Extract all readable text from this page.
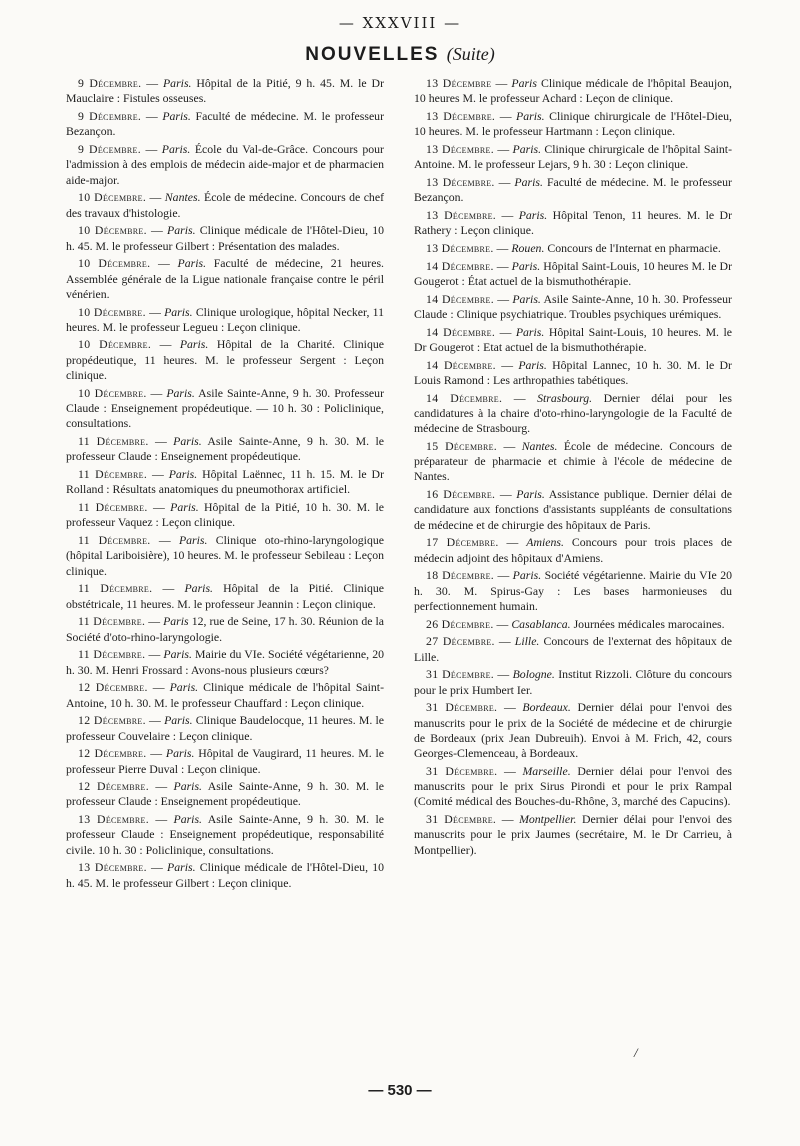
— XXXVIII —
NOUVELLES (Suite)

9 Décembre. — Paris. Hôpital de la Pitié, 9 h. 45. M. le Dr Mauclaire : Fistules osseuses.

9 Décembre. — Paris. Faculté de médecine. M. le professeur Bezançon.

9 Décembre. — Paris. École du Val-de-Grâce. Concours pour l'admission à des emplois de médecin aide-major et de pharmacien aide-major.

10 Décembre. — Nantes. École de médecine. Concours de chef des travaux d'histologie.

10 Décembre. — Paris. Clinique médicale de l'Hôtel-Dieu, 10 h. 45. M. le professeur Gilbert : Présentation des malades.

10 Décembre. — Paris. Faculté de médecine, 21 heures. Assemblée générale de la Ligue nationale française contre le péril vénérien.

10 Décembre. — Paris. Clinique urologique, hôpital Necker, 11 heures. M. le professeur Legueu : Leçon clinique.

10 Décembre. — Paris. Hôpital de la Charité. Clinique propédeutique, 11 heures. M. le professeur Sergent : Leçon clinique.

10 Décembre. — Paris. Asile Sainte-Anne, 9 h. 30. Professeur Claude : Enseignement propédeutique. — 10 h. 30 : Policlinique, consultations.

11 Décembre. — Paris. Asile Sainte-Anne, 9 h. 30. M. le professeur Claude : Enseignement propédeutique.

11 Décembre. — Paris. Hôpital Laënnec, 11 h. 15. M. le Dr Rolland : Résultats anatomiques du pneumothorax artificiel.

11 Décembre. — Paris. Hôpital de la Pitié, 10 h. 30. M. le professeur Vaquez : Leçon clinique.

11 Décembre. — Paris. Clinique oto-rhino-laryngologique (hôpital Lariboisière), 10 heures. M. le professeur Sebileau : Leçon clinique.

11 Décembre. — Paris. Hôpital de la Pitié. Clinique obstétricale, 11 heures. M. le professeur Jeannin : Leçon clinique.

11 Décembre. — Paris 12, rue de Seine, 17 h. 30. Réunion de la Société d'oto-rhino-laryngologie.

11 Décembre. — Paris. Mairie du VIe. Société végétarienne, 20 h. 30. M. Henri Frossard : Avons-nous plusieurs cœurs?

12 Décembre. — Paris. Clinique médicale de l'hôpital Saint-Antoine, 10 h. 30. M. le professeur Chauffard : Leçon clinique.

12 Décembre. — Paris. Clinique Baudelocque, 11 heures. M. le professeur Couvelaire : Leçon clinique.

12 Décembre. — Paris. Hôpital de Vaugirard, 11 heures. M. le professeur Pierre Duval : Leçon clinique.

12 Décembre. — Paris. Asile Sainte-Anne, 9 h. 30. M. le professeur Claude : Enseignement propédeutique.

13 Décembre. — Paris. Asile Sainte-Anne, 9 h. 30. M. le professeur Claude : Enseignement propédeutique, responsabilité civile. 10 h. 30 : Policlinique, consultations.

13 Décembre. — Paris. Clinique médicale de l'Hôtel-Dieu, 10 h. 45. M. le professeur Gilbert : Leçon clinique.

13 Décembre — Paris Clinique médicale de l'hôpital Beaujon, 10 heures M. le professeur Achard : Leçon de clinique.

13 Décembre. — Paris. Clinique chirurgicale de l'Hôtel-Dieu, 10 heures. M. le professeur Hartmann : Leçon clinique.

13 Décembre. — Paris. Clinique chirurgicale de l'hôpital Saint-Antoine. M. le professeur Lejars, 9 h. 30 : Leçon clinique.

13 Décembre. — Paris. Faculté de médecine. M. le professeur Bezançon.

13 Décembre. — Paris. Hôpital Tenon, 11 heures. M. le Dr Rathery : Leçon clinique.

13 Décembre. — Rouen. Concours de l'Internat en pharmacie.

14 Décembre. — Paris. Hôpital Saint-Louis, 10 heures M. le Dr Gougerot : État actuel de la bismuthothérapie.

14 Décembre. — Paris. Asile Sainte-Anne, 10 h. 30. Professeur Claude : Clinique psychiatrique. Troubles psychiques urémiques.

14 Décembre. — Paris. Hôpital Saint-Louis, 10 heures. M. le Dr Gougerot : Etat actuel de la bismuthothérapie.

14 Décembre. — Paris. Hôpital Lannec, 10 h. 30. M. le Dr Louis Ramond : Les arthropathies tabétiques.

14 Décembre. — Strasbourg. Dernier délai pour les candidatures à la chaire d'oto-rhino-laryngologie de la Faculté de médecine de Strasbourg.

15 Décembre. — Nantes. École de médecine. Concours de préparateur de pharmacie et chimie à l'école de médecine de Nantes.

16 Décembre. — Paris. Assistance publique. Dernier délai de candidature aux fonctions d'assistants suppléants de consultations de médecine et de chirurgie des hôpitaux de Paris.

17 Décembre. — Amiens. Concours pour trois places de médecin adjoint des hôpitaux d'Amiens.

18 Décembre. — Paris. Société végétarienne. Mairie du VIe 20 h. 30. M. Spirus-Gay : Les bases harmonieuses du perfectionnement humain.

26 Décembre. — Casablanca. Journées médicales marocaines.

27 Décembre. — Lille. Concours de l'externat des hôpitaux de Lille.

31 Décembre. — Bologne. Institut Rizzoli. Clôture du concours pour le prix Humbert Ier.

31 Décembre. — Bordeaux. Dernier délai pour l'envoi des manuscrits pour le prix de la Société de médecine et de chirurgie de Bordeaux (prix Jean Dubreuih). Envoi à M. Frich, 42, cours Georges-Clemenceau, à Bordeaux.

31 Décembre. — Marseille. Dernier délai pour l'envoi des manuscrits pour le prix Sirus Pirondi et pour le prix Rampal (Comité médical des Bouches-du-Rhône, 3, marché des Capucins).

31 Décembre. — Montpellier. Dernier délai pour l'envoi des manuscrits pour le prix Jaumes (secrétaire, M. le Dr Carrieu, à Montpellier).

/
— 530 —
